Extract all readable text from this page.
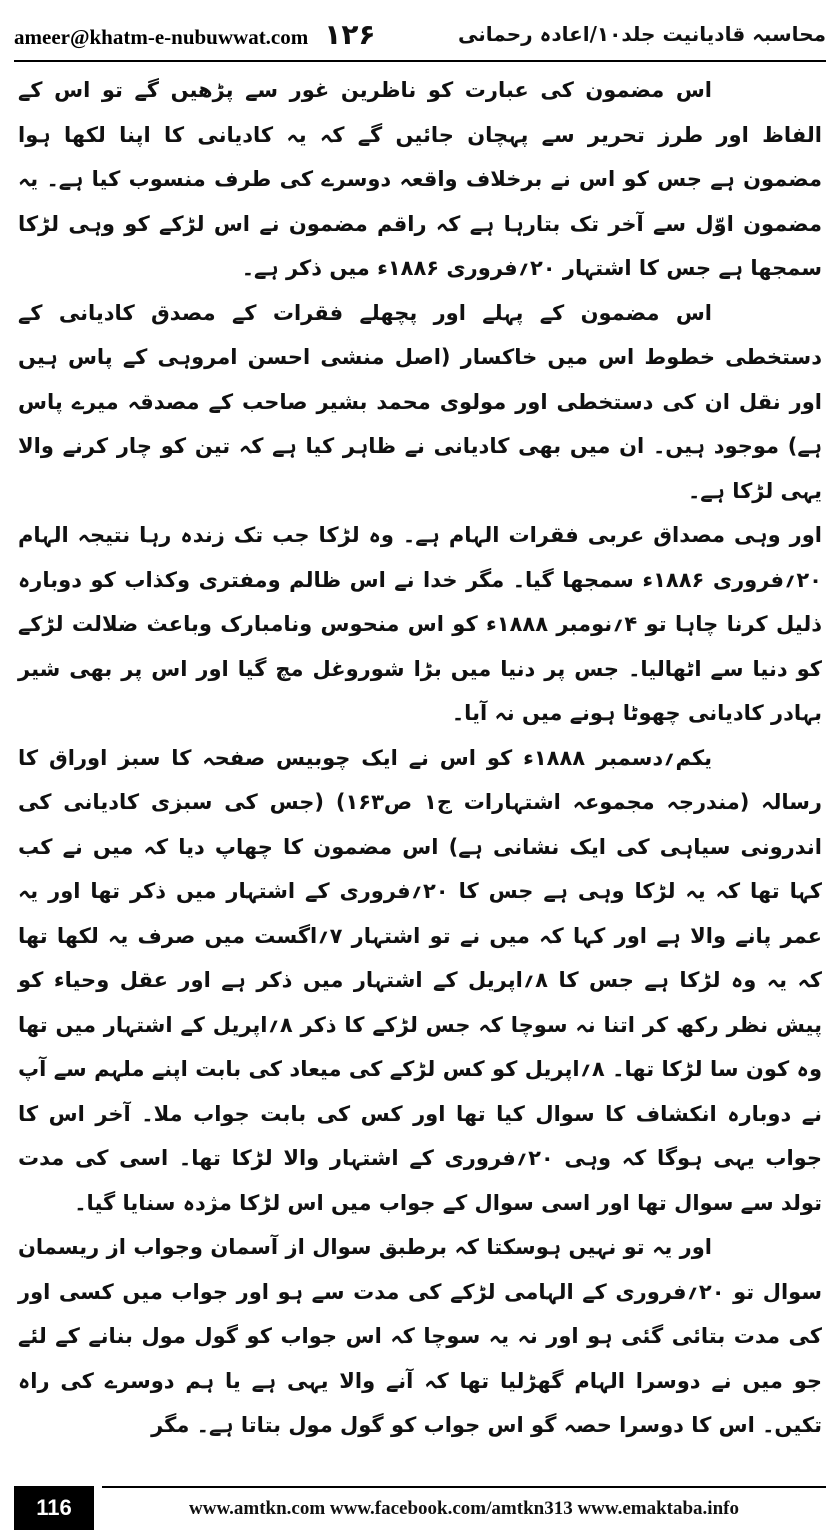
ameer@khatm-e-nubuwwat.com ۱۲۶	محاسبہ قادیانیت جلد۱۰/اعادہ رحمانی

اس مضمون کی عبارت کو ناظرین غور سے پڑھیں گے تو اس کے الفاظ اور طرز تحریر سے پہچان جائیں گے کہ یہ کادیانی کا اپنا لکھا ہوا مضمون ہے جس کو اس نے برخلاف واقعہ دوسرے کی طرف منسوب کیا ہے۔ یہ مضمون اوّل سے آخر تک بتارہا ہے کہ راقم مضمون نے اس لڑکے کو وہی لڑکا سمجھا ہے جس کا اشتہار ۲۰؍فروری ۱۸۸۶ء میں ذکر ہے۔

اس مضمون کے پہلے اور پچھلے فقرات کے مصدق کادیانی کے دستخطی خطوط اس میں خاکسار (اصل منشی احسن امروہی کے پاس ہیں اور نقل ان کی دستخطی اور مولوی محمد بشیر صاحب کے مصدقہ میرے پاس ہے) موجود ہیں۔ ان میں بھی کادیانی نے ظاہر کیا ہے کہ تین کو چار کرنے والا یہی لڑکا ہے۔

اور وہی مصداق عربی فقرات الہام ہے۔ وہ لڑکا جب تک زندہ رہا نتیجہ الہام ۲۰؍فروری ۱۸۸۶ء سمجھا گیا۔ مگر خدا نے اس ظالم ومفتری وکذاب کو دوبارہ ذلیل کرنا چاہا تو ۴؍نومبر ۱۸۸۸ء کو اس منحوس ونامبارک وباعث ضلالت لڑکے کو دنیا سے اٹھالیا۔ جس پر دنیا میں بڑا شوروغل مچ گیا اور اس پر بھی شیر بہادر کادیانی چھوٹا ہونے میں نہ آیا۔

یکم؍دسمبر ۱۸۸۸ء کو اس نے ایک چوبیس صفحہ کا سبز اوراق کا رسالہ (مندرجہ مجموعہ اشتہارات ج۱ ص۱۶۳) (جس کی سبزی کادیانی کی اندرونی سیاہی کی ایک نشانی ہے) اس مضمون کا چھاپ دیا کہ میں نے کب کہا تھا کہ یہ لڑکا وہی ہے جس کا ۲۰؍فروری کے اشتہار میں ذکر تھا اور یہ عمر پانے والا ہے اور کہا کہ میں نے تو اشتہار ۷؍اگست میں صرف یہ لکھا تھا کہ یہ وہ لڑکا ہے جس کا ۸؍اپریل کے اشتہار میں ذکر ہے اور عقل وحیاء کو پیش نظر رکھ کر اتنا نہ سوچا کہ جس لڑکے کا ذکر ۸؍اپریل کے اشتہار میں تھا وہ کون سا لڑکا تھا۔ ۸؍اپریل کو کس لڑکے کی میعاد کی بابت اپنے ملہم سے آپ نے دوبارہ انکشاف کا سوال کیا تھا اور کس کی بابت جواب ملا۔ آخر اس کا جواب یہی ہوگا کہ وہی ۲۰؍فروری کے اشتہار والا لڑکا تھا۔ اسی کی مدت تولد سے سوال تھا اور اسی سوال کے جواب میں اس لڑکا مژدہ سنایا گیا۔

اور یہ تو نہیں ہوسکتا کہ برطبق سوال از آسمان وجواب از ریسمان سوال تو ۲۰؍فروری کے الہامی لڑکے کی مدت سے ہو اور جواب میں کسی اور کی مدت بتائی گئی ہو اور نہ یہ سوچا کہ اس جواب کو گول مول بنانے کے لئے جو میں نے دوسرا الہام گھڑلیا تھا کہ آنے والا یہی ہے یا ہم دوسرے کی راہ تکیں۔ اس کا دوسرا حصہ گو اس جواب کو گول مول بتاتا ہے۔ مگر

116	www.amtkn.com www.facebook.com/amtkn313 www.emaktaba.info
